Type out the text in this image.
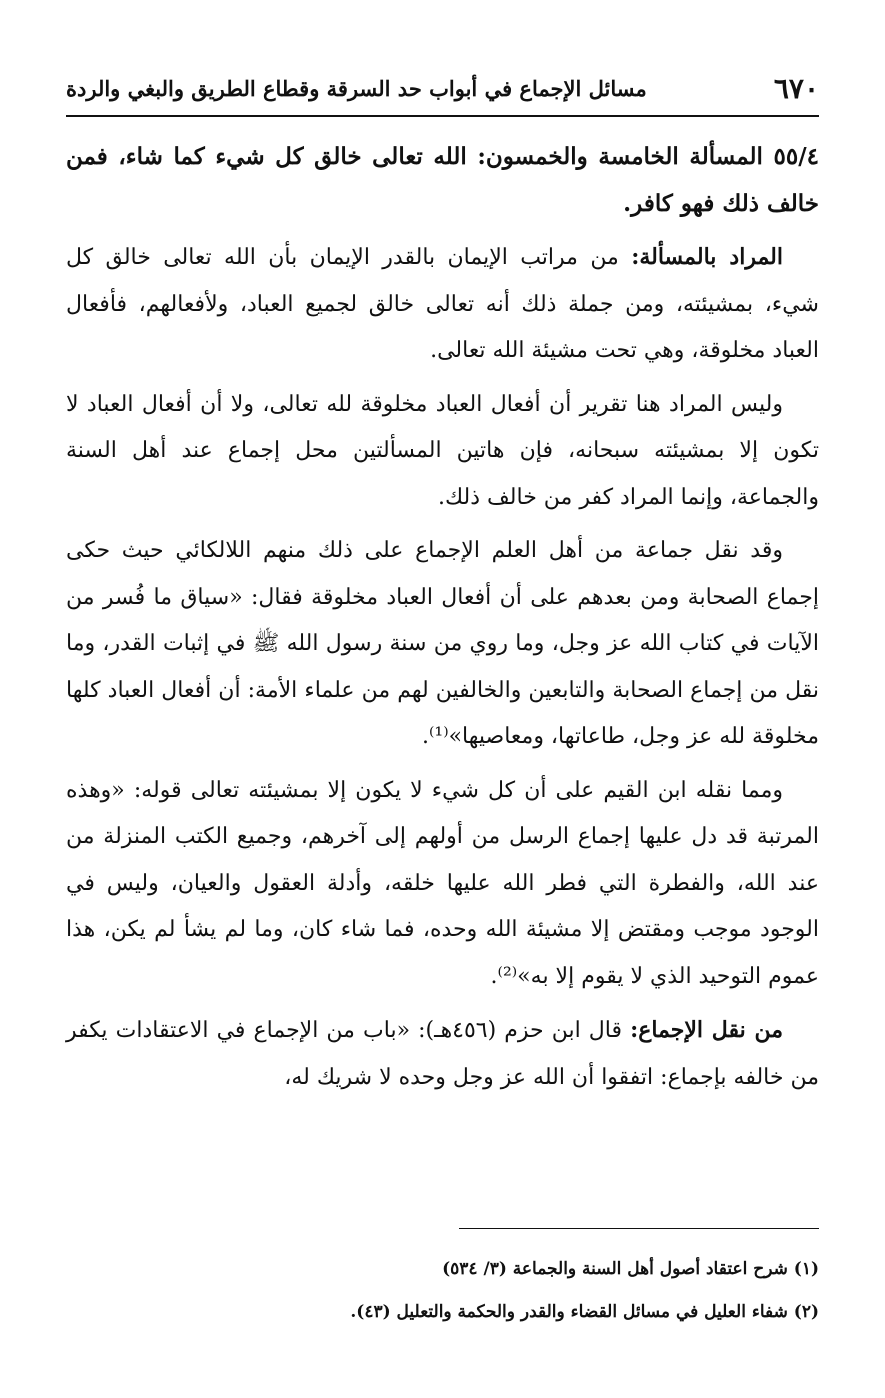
٦٧٠
مسائل الإجماع في أبواب حد السرقة وقطاع الطريق والبغي والردة

٥٥/٤ المسألة الخامسة والخمسون: الله تعالى خالق كل شيء كما شاء، فمن خالف ذلك فهو كافر.

المراد بالمسألة: من مراتب الإيمان بالقدر الإيمان بأن الله تعالى خالق كل شيء، بمشيئته، ومن جملة ذلك أنه تعالى خالق لجميع العباد، ولأفعالهم، فأفعال العباد مخلوقة، وهي تحت مشيئة الله تعالى.

وليس المراد هنا تقرير أن أفعال العباد مخلوقة لله تعالى، ولا أن أفعال العباد لا تكون إلا بمشيئته سبحانه، فإن هاتين المسألتين محل إجماع عند أهل السنة والجماعة، وإنما المراد كفر من خالف ذلك.

وقد نقل جماعة من أهل العلم الإجماع على ذلك منهم اللالكائي حيث حكى إجماع الصحابة ومن بعدهم على أن أفعال العباد مخلوقة فقال: «سياق ما فُسر من الآيات في كتاب الله عز وجل، وما روي من سنة رسول الله ﷺ في إثبات القدر، وما نقل من إجماع الصحابة والتابعين والخالفين لهم من علماء الأمة: أن أفعال العباد كلها مخلوقة لله عز وجل، طاعاتها، ومعاصيها»⁽¹⁾.

ومما نقله ابن القيم على أن كل شيء لا يكون إلا بمشيئته تعالى قوله: «وهذه المرتبة قد دل عليها إجماع الرسل من أولهم إلى آخرهم، وجميع الكتب المنزلة من عند الله، والفطرة التي فطر الله عليها خلقه، وأدلة العقول والعيان، وليس في الوجود موجب ومقتض إلا مشيئة الله وحده، فما شاء كان، وما لم يشأ لم يكن، هذا عموم التوحيد الذي لا يقوم إلا به»⁽²⁾.

من نقل الإجماع: قال ابن حزم (٤٥٦هـ): «باب من الإجماع في الاعتقادات يكفر من خالفه بإجماع: اتفقوا أن الله عز وجل وحده لا شريك له،

(١) شرح اعتقاد أصول أهل السنة والجماعة (٣/ ٥٣٤)

(٢) شفاء العليل في مسائل القضاء والقدر والحكمة والتعليل (٤٣).
